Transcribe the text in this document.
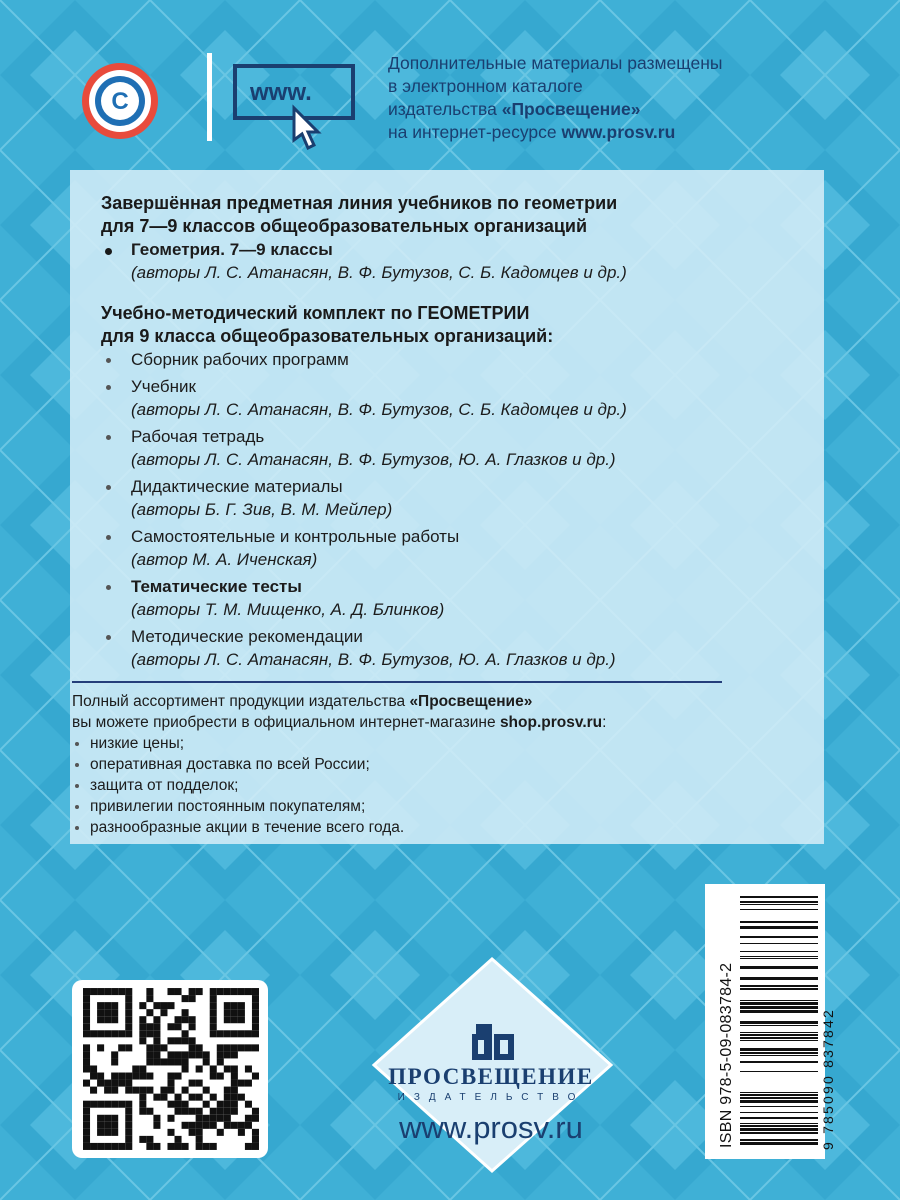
C	www.
Дополнительные материалы размещены
в электронном каталоге
издательства «Просвещение»
на интернет-ресурсе www.prosv.ru
Завершённая предметная линия учебников по геометрии
для 7—9 классов общеобразовательных организаций
Геометрия. 7—9 классы
(авторы Л. С. Атанасян, В. Ф. Бутузов, С. Б. Кадомцев и др.)
Учебно-методический комплект по ГЕОМЕТРИИ
для 9 класса общеобразовательных организаций:
Сборник рабочих программ
Учебник
(авторы Л. С. Атанасян, В. Ф. Бутузов, С. Б. Кадомцев и др.)
Рабочая тетрадь
(авторы Л. С. Атанасян, В. Ф. Бутузов, Ю. А. Глазков и др.)
Дидактические материалы
(авторы Б. Г. Зив, В. М. Мейлер)
Самостоятельные и контрольные работы
(автор М. А. Иченская)
Тематические тесты
(авторы Т. М. Мищенко, А. Д. Блинков)
Методические рекомендации
(авторы Л. С. Атанасян, В. Ф. Бутузов, Ю. А. Глазков и др.)
Полный ассортимент продукции издательства «Просвещение»
вы можете приобрести в официальном интернет-магазине shop.prosv.ru:
низкие цены;
оперативная доставка по всей России;
защита от подделок;
привилегии постоянным покупателям;
разнообразные акции в течение всего года.
ISBN 978-5-09-083784-2	9 785090 837842
ПРОСВЕЩЕНИЕ
ИЗДАТЕЛЬСТВО
www.prosv.ru
